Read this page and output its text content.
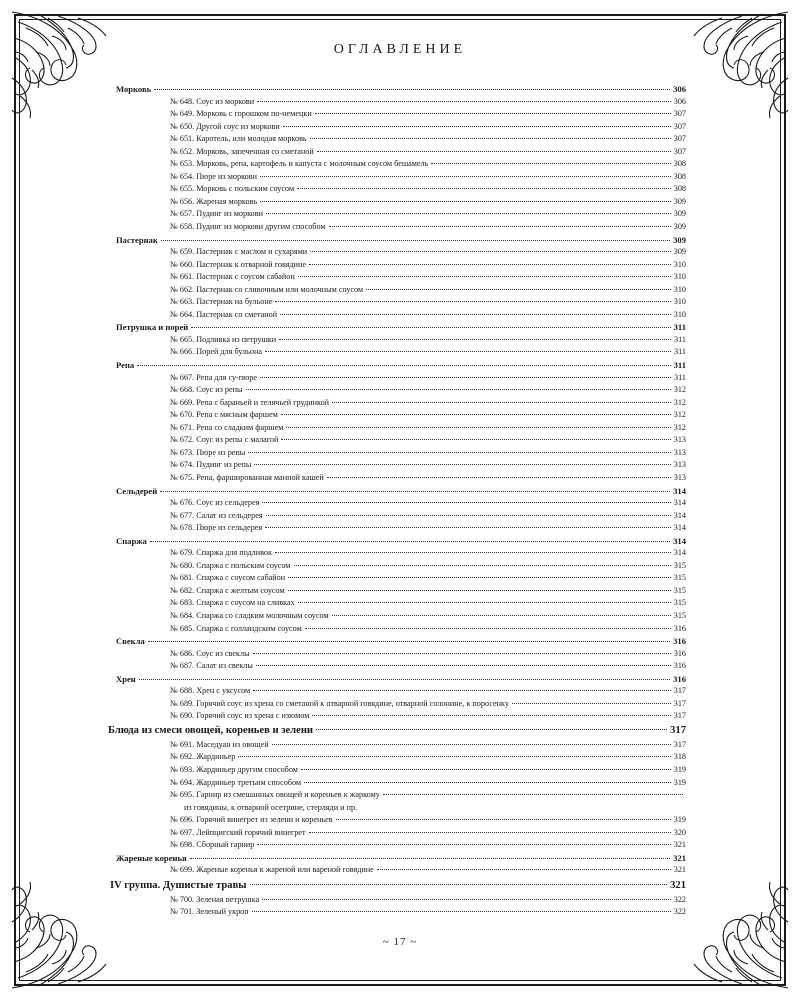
ОГЛАВЛЕНИЕ
Морковь	306
№ 648. Соус из моркови	306
№ 649. Морковь с горошком по-немецки	307
№ 650. Другой соус из моркови	307
№ 651. Каротель, или молодая морковь	307
№ 652. Морковь, запеченная со сметаной	307
№ 653. Морковь, репа, картофель и капуста с молочным соусом бешамель	308
№ 654. Пюре из моркови	308
№ 655. Морковь с польским соусом	308
№ 656. Жареная морковь	309
№ 657. Пудинг из моркови	309
№ 658. Пудинг из моркови другим способом	309
Пастернак	309
№ 659. Пастернак с маслом и сухарями	309
№ 660. Пастернак к отварной говядине	310
№ 661. Пастернак с соусом сабайон	310
№ 662. Пастернак со сливочным или молочным соусом	310
№ 663. Пастернак на бульоне	310
№ 664. Пастернак со сметаной	310
Петрушка и порей	311
№ 665. Подливка из петрушки	311
№ 666. Порей для бульона	311
Репа	311
№ 667. Репа для су-пюре	311
№ 668. Соус из репы	312
№ 669. Репа с бараньей и телячьей грудинкой	312
№ 670. Репа с мясным фаршем	312
№ 671. Репа со сладким фаршем	312
№ 672. Соус из репы с малагой	313
№ 673. Пюре из репы	313
№ 674. Пудинг из репы	313
№ 675. Репа, фаршированная манной кашей	313
Сельдерей	314
№ 676. Соус из сельдерея	314
№ 677. Салат из сельдерея	314
№ 678. Пюре из сельдерея	314
Спаржа	314
№ 679. Спаржа для подливок	314
№ 680. Спаржа с польским соусом	315
№ 681. Спаржа с соусом сабайон	315
№ 682. Спаржа с желтым соусом	315
№ 683. Спаржа с соусом на сливках	315
№ 684. Спаржа со сладким молочным соусом	315
№ 685. Спаржа с голландским соусом	316
Свекла	316
№ 686. Соус из свеклы	316
№ 687. Салат из свеклы	316
Хрен	316
№ 688. Хрен с уксусом	317
№ 689. Горячий соус из хрена со сметаной к отварной говядине, отварной солонине, к поросенку	317
№ 690. Горячий соус из хрена с изюмом	317
Блюда из смеси овощей, кореньев и зелени	317
№ 691. Маседуан из овощей	317
№ 692. Жардиньер	318
№ 693. Жардиньер другим способом	319
№ 694. Жардиньер третьим способом	319
№ 695. Гарнир из смешанных овощей и кореньев к жаркому
из говядины, к отварной осетрине, стерляди и пр.
№ 696. Горячий винегрет из зелени и кореньев	319
№ 697. Лейпцигский горячий винегрет	320
№ 698. Сборный гарнир	321
Жареные коренья	321
№ 699. Жареные коренья к жареной или вареной говядине	321
IV группа. Душистые травы	321
№ 700. Зеленая петрушка	322
№ 701. Зеленый укроп	322
~ 17 ~
